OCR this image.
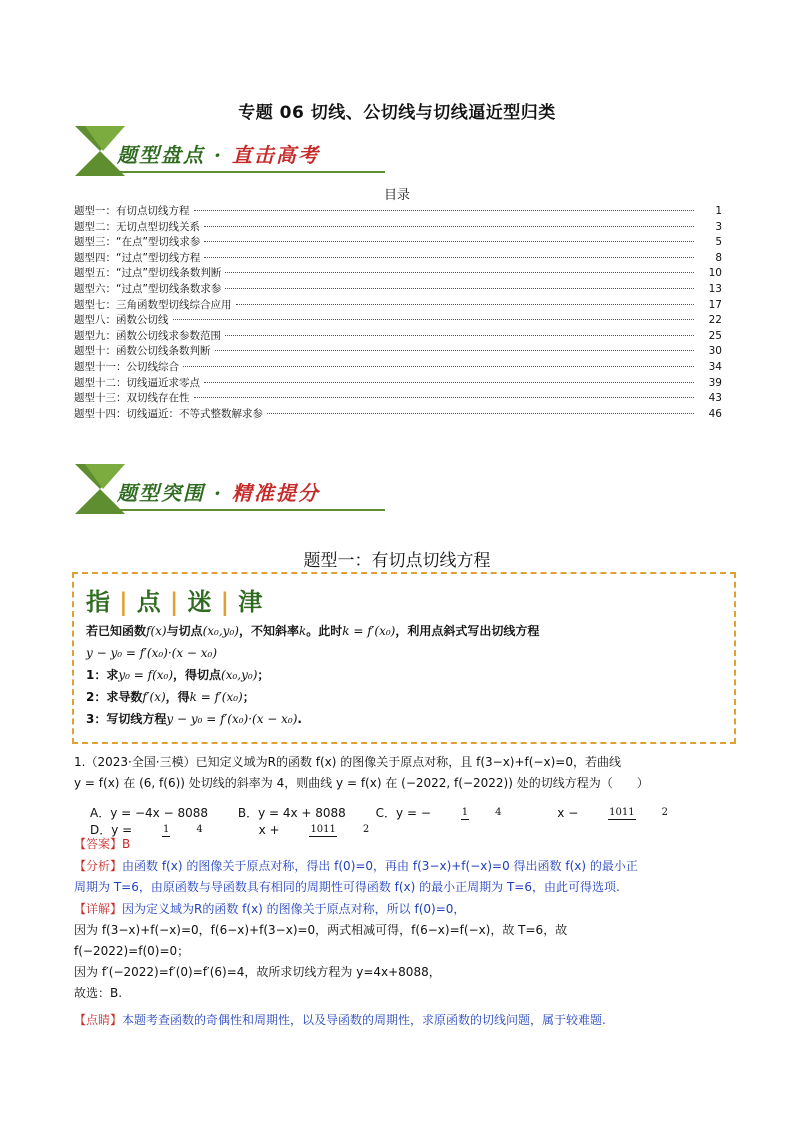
专题 06 切线、公切线与切线逼近型归类
题型盘点 · 直击高考
目录
题型一：有切点切线方程	1
题型二：无切点型切线关系	3
题型三：“在点”型切线求参	5
题型四：“过点”型切线方程	8
题型五：“过点”型切线条数判断	10
题型六：“过点”型切线条数求参	13
题型七：三角函数型切线综合应用	17
题型八：函数公切线	22
题型九：函数公切线求参数范围	25
题型十：函数公切线条数判断	30
题型十一：公切线综合	34
题型十二：切线逼近求零点	39
题型十三：双切线存在性	43
题型十四：切线逼近：不等式整数解求参	46
题型突围 · 精准提分
题型一：有切点切线方程
指 | 点 | 迷 | 津
若已知函数f(x)与切点(x₀,y₀)，不知斜率k。此时k = f′(x₀)，利用点斜式写出切线方程
y − y₀ = f′(x₀)·(x − x₀)
1：求y₀ = f(x₀)，得切点(x₀,y₀)；
2：求导数f′(x)，得k = f′(x₀)；
3：写切线方程y − y₀ = f′(x₀)·(x − x₀).
1.（2023·全国·三模）已知定义域为R的函数 f(x) 的图像关于原点对称，且 f(3−x)+f(−x)=0，若曲线
y = f(x) 在 (6, f(6)) 处切线的斜率为 4，则曲线 y = f(x) 在 (−2022, f(−2022)) 处的切线方程为（　　）
A．y = −4x − 8088 B．y = 4x + 8088 C．y = −	1	4	x −	1011	2 D．y =	1	4	x +	1011	2
【答案】B
【分析】由函数 f(x) 的图像关于原点对称，得出 f(0)=0，再由 f(3−x)+f(−x)=0 得出函数 f(x) 的最小正
周期为 T=6，由原函数与导函数具有相同的周期性可得函数 f(x) 的最小正周期为 T=6，由此可得选项.
【详解】因为定义域为R的函数 f(x) 的图像关于原点对称，所以 f(0)=0，
因为 f(3−x)+f(−x)=0，f(6−x)+f(3−x)=0，两式相减可得，f(6−x)=f(−x)，故 T=6，故
f(−2022)=f(0)=0；
因为 f′(−2022)=f′(0)=f′(6)=4，故所求切线方程为 y=4x+8088，
故选：B.
【点睛】本题考查函数的奇偶性和周期性，以及导函数的周期性，求原函数的切线问题，属于较难题.
